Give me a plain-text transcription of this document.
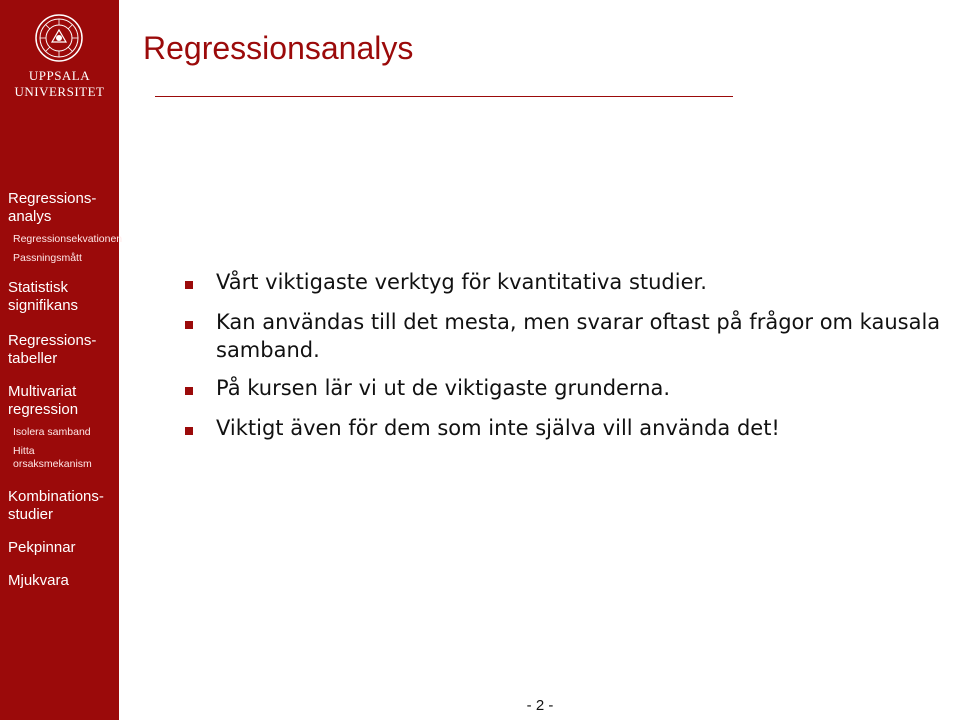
UPPSALA
UNIVERSITET
Regressions-
analys
Regressionsekvationen
Passningsmått
Statistisk signifikans
Regressions-
tabeller
Multivariat regression
Isolera samband
Hitta orsaksmekanism
Kombinations-
studier
Pekpinnar
Mjukvara
Regressionsanalys
Vårt viktigaste verktyg för kvantitativa studier.
Kan användas till det mesta, men svarar oftast på frågor om kausala samband.
På kursen lär vi ut de viktigaste grunderna.
Viktigt även för dem som inte själva vill använda det!
- 2 -
